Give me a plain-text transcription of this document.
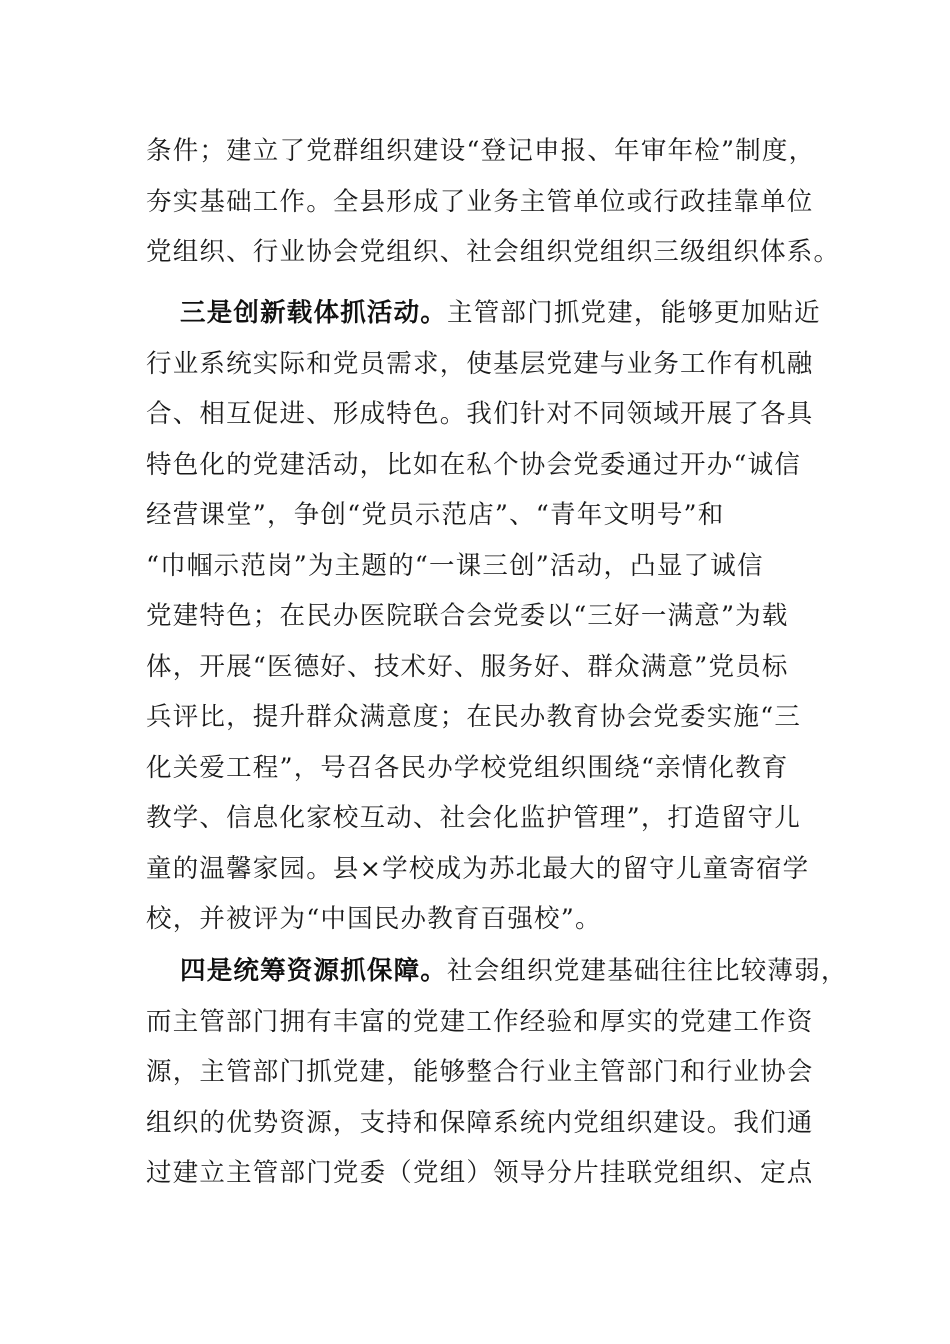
条件；建立了党群组织建设“登记申报、年审年检”制度，
夯实基础工作。全县形成了业务主管单位或行政挂靠单位
党组织、行业协会党组织、社会组织党组织三级组织体系。
三是创新载体抓活动。主管部门抓党建，能够更加贴近
行业系统实际和党员需求，使基层党建与业务工作有机融
合、相互促进、形成特色。我们针对不同领域开展了各具
特色化的党建活动，比如在私个协会党委通过开办“诚信
经营课堂”，争创“党员示范店”、“青年文明号”和
“巾帼示范岗”为主题的“一课三创”活动，凸显了诚信
党建特色；在民办医院联合会党委以“三好一满意”为载
体，开展“医德好、技术好、服务好、群众满意”党员标
兵评比，提升群众满意度；在民办教育协会党委实施“三
化关爱工程”，号召各民办学校党组织围绕“亲情化教育
教学、信息化家校互动、社会化监护管理”，打造留守儿
童的温馨家园。县×学校成为苏北最大的留守儿童寄宿学
校，并被评为“中国民办教育百强校”。
四是统筹资源抓保障。社会组织党建基础往往比较薄弱，
而主管部门拥有丰富的党建工作经验和厚实的党建工作资
源，主管部门抓党建，能够整合行业主管部门和行业协会
组织的优势资源，支持和保障系统内党组织建设。我们通
过建立主管部门党委（党组）领导分片挂联党组织、定点
